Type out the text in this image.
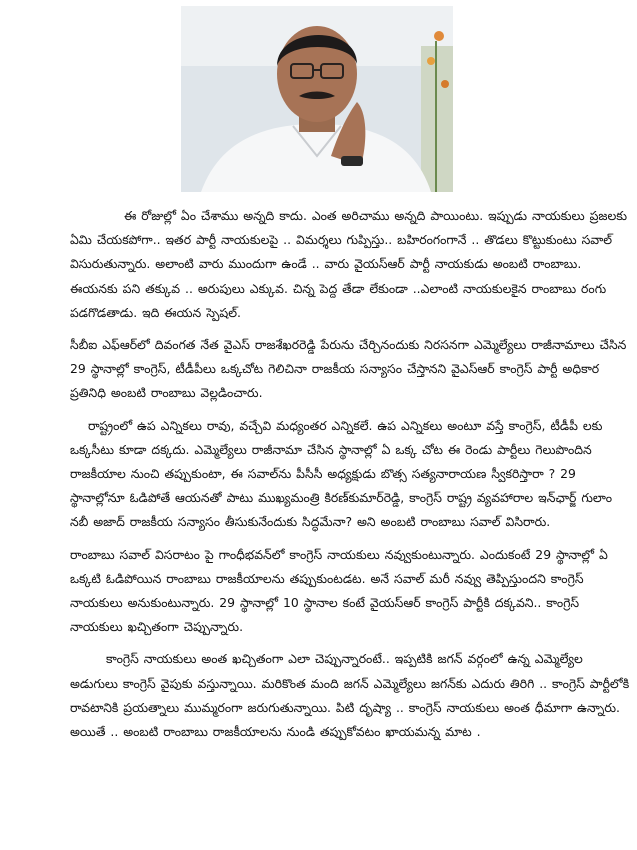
ఈ రోజుల్లో ఏం చేశాము అన్నది కాదు. ఎంత అరిచాము అన్నది పాయింటు. ఇప్పుడు నాయకులు ప్రజలకు ఏమి చేయకపోగా.. ఇతర పార్టీ నాయకులపై .. విమర్శలు గుప్పిస్తు.. బహిరంగంగానే .. తొడలు కొట్టుకుంటు సవాల్ విసురుతున్నారు. అలాంటి వారు ముందుగా ఉండే .. వారు వైయస్ఆర్ పార్టీ నాయకుడు అంబటి రాంబాబు. ఈయనకు పని తక్కువ .. అరుపులు ఎక్కువ. చిన్న పెద్ద తేడా లేకుండా ..ఎలాంటి నాయకులకైన రాంబాబు రంగు పడగొడతాడు. ఇది ఈయన స్పెషల్.

సీబీఐ ఎఫ్ఆర్‌లో దివంగత నేత వైఎస్ రాజశేఖరరెడ్డి పేరును చేర్చినందుకు నిరసనగా ఎమ్మెల్యేలు రాజీనామాలు చేసిన 29 స్థానాల్లో కాంగ్రెస్, టీడీపీలు ఒక్కచోట గెలిచినా రాజకీయ సన్యాసం చేస్తానని వైఎస్ఆర్ కాంగ్రెస్ పార్టీ అధికార ప్రతినిధి అంబటి రాంబాబు వెల్లడించారు.

రాష్ట్రంలో ఉప ఎన్నికలు రావు, వచ్చేవి మధ్యంతర ఎన్నికలే. ఉప ఎన్నికలు అంటూ వస్తే కాంగ్రెస్, టీడీపీ లకు ఒక్కసీటు కూడా దక్కదు. ఎమ్మెల్యేలు రాజీనామా చేసిన స్థానాల్లో ఏ ఒక్క చోట ఈ రెండు పార్టీలు గెలుపొందిన రాజకీయాల నుంచి తప్పుకుంటా, ఈ సవాల్‌ను పీసీసీ అధ్యక్షుడు బొత్స సత్యనారాయణ స్వీకరిస్తారా ? 29 స్థానాల్లోనూ ఓడిపోతే ఆయనతో పాటు ముఖ్యమంత్రి కిరణ్‌కుమార్‌రెడ్డి, కాంగ్రెస్ రాష్ట్ర వ్యవహారాల ఇన్‌ఛార్జ్ గులాం నబీ అజాద్ రాజకీయ సన్యాసం తీసుకునేందుకు సిద్ధమేనా? అని అంబటి రాంబాబు సవాల్ విసిరారు.

రాంబాబు సవాల్ విసరాటం పై గాంధీభవన్‌లో కాంగ్రెస్ నాయకులు నవ్వుకుంటున్నారు. ఎందుకంటే 29 స్థానాల్లో ఏ ఒక్కటి ఓడిపోయిన రాంబాబు రాజకీయాలను తప్పుకుంటడట. అనే సవాల్ మరీ నవ్వు తెప్పిస్తుందని కాంగ్రెస్ నాయకులు అనుకుంటున్నారు. 29 స్థానాల్లో 10 స్థానాల కంటే వైయస్ఆర్ కాంగ్రెస్ పార్టీకి దక్కవని.. కాంగ్రెస్ నాయకులు ఖచ్చితంగా చెప్పున్నారు.

కాంగ్రెస్ నాయకులు అంత ఖచ్చితంగా ఎలా చెప్పున్నారంటే.. ఇప్పటికి జగన్ వర్గంలో ఉన్న ఎమ్మెల్యేల అడుగులు కాంగ్రెస్ వైపుకు వస్తున్నాయి. మరికొంత మంది జగన్ ఎమ్మెల్యేలు జగన్‌కు ఎదురు తిరిగి .. కాంగ్రెస్ పార్టీలోకి రావటానికి ప్రయత్నాలు ముమ్మరంగా జరుగుతున్నాయి. పిటి దృష్యా .. కాంగ్రెస్ నాయకులు అంత ధీమాగా ఉన్నారు. అయితే .. అంబటి రాంబాబు రాజకీయాలను నుండి తప్పుకోవటం ఖాయమన్న మాట .
